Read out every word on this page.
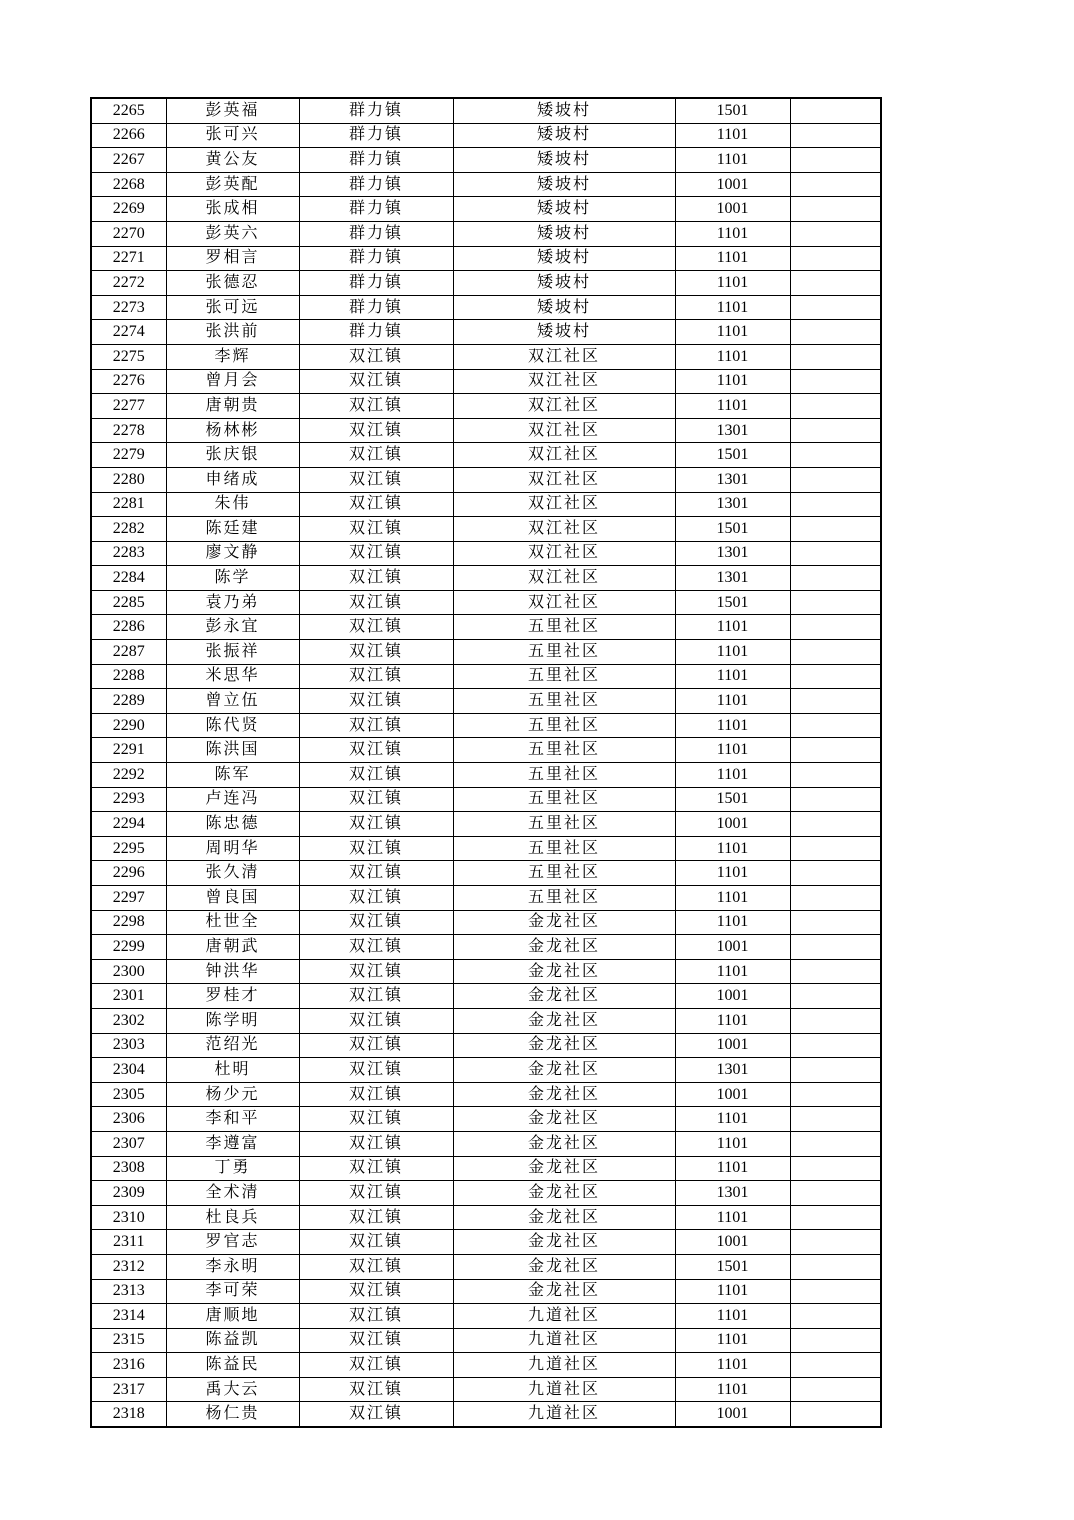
2265	彭英福	群力镇	矮坡村	1501	
2266	张可兴	群力镇	矮坡村	1101	
2267	黄公友	群力镇	矮坡村	1101	
2268	彭英配	群力镇	矮坡村	1001	
2269	张成相	群力镇	矮坡村	1001	
2270	彭英六	群力镇	矮坡村	1101	
2271	罗相言	群力镇	矮坡村	1101	
2272	张德忍	群力镇	矮坡村	1101	
2273	张可远	群力镇	矮坡村	1101	
2274	张洪前	群力镇	矮坡村	1101	
2275	李辉	双江镇	双江社区	1101	
2276	曾月会	双江镇	双江社区	1101	
2277	唐朝贵	双江镇	双江社区	1101	
2278	杨林彬	双江镇	双江社区	1301	
2279	张庆银	双江镇	双江社区	1501	
2280	申绪成	双江镇	双江社区	1301	
2281	朱伟	双江镇	双江社区	1301	
2282	陈廷建	双江镇	双江社区	1501	
2283	廖文静	双江镇	双江社区	1301	
2284	陈学	双江镇	双江社区	1301	
2285	袁乃弟	双江镇	双江社区	1501	
2286	彭永宜	双江镇	五里社区	1101	
2287	张振祥	双江镇	五里社区	1101	
2288	米思华	双江镇	五里社区	1101	
2289	曾立伍	双江镇	五里社区	1101	
2290	陈代贤	双江镇	五里社区	1101	
2291	陈洪国	双江镇	五里社区	1101	
2292	陈军	双江镇	五里社区	1101	
2293	卢连冯	双江镇	五里社区	1501	
2294	陈忠德	双江镇	五里社区	1001	
2295	周明华	双江镇	五里社区	1101	
2296	张久清	双江镇	五里社区	1101	
2297	曾良国	双江镇	五里社区	1101	
2298	杜世全	双江镇	金龙社区	1101	
2299	唐朝武	双江镇	金龙社区	1001	
2300	钟洪华	双江镇	金龙社区	1101	
2301	罗桂才	双江镇	金龙社区	1001	
2302	陈学明	双江镇	金龙社区	1101	
2303	范绍光	双江镇	金龙社区	1001	
2304	杜明	双江镇	金龙社区	1301	
2305	杨少元	双江镇	金龙社区	1001	
2306	李和平	双江镇	金龙社区	1101	
2307	李遵富	双江镇	金龙社区	1101	
2308	丁勇	双江镇	金龙社区	1101	
2309	全术清	双江镇	金龙社区	1301	
2310	杜良兵	双江镇	金龙社区	1101	
2311	罗官志	双江镇	金龙社区	1001	
2312	李永明	双江镇	金龙社区	1501	
2313	李可荣	双江镇	金龙社区	1101	
2314	唐顺地	双江镇	九道社区	1101	
2315	陈益凯	双江镇	九道社区	1101	
2316	陈益民	双江镇	九道社区	1101	
2317	禹大云	双江镇	九道社区	1101	
2318	杨仁贵	双江镇	九道社区	1001	
